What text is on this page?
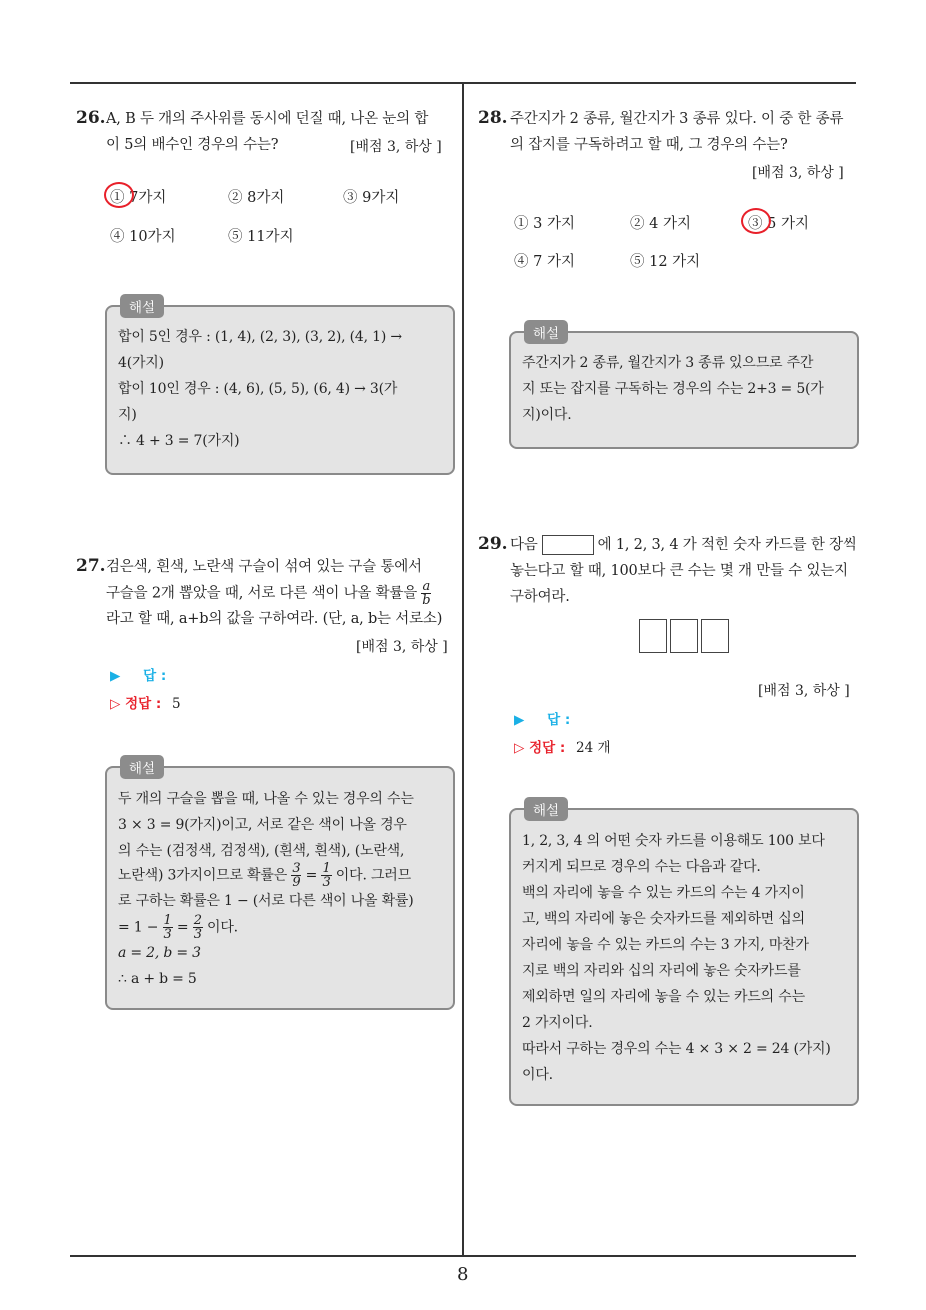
26. A, B 두 개의 주사위를 동시에 던질 때, 나온 눈의 합
이 5의 배수인 경우의 수는?	[배점 3, 하상 ]
① 7가지	② 8가지	③ 9가지
④ 10가지	⑤ 11가지
해설
합이 5인 경우 : (1, 4), (2, 3), (3, 2), (4, 1) →
4(가지)
합이 10인 경우 : (4, 6), (5, 5), (6, 4) → 3(가
지)
∴ 4 + 3 = 7(가지)
27. 검은색, 흰색, 노란색 구슬이 섞여 있는 구슬 통에서
구슬을 2개 뽑았을 때, 서로 다른 색이 나올 확률을 $\frac{a}{b}$
라고 할 때, a+b의 값을 구하여라. (단, a, b는 서로소)
[배점 3, 하상 ]
▶ 답 :
▷ 정답 : 5
해설
두 개의 구슬을 뽑을 때, 나올 수 있는 경우의 수는
3 × 3 = 9(가지)이고, 서로 같은 색이 나올 경우
의 수는 (검정색, 검정색), (흰색, 흰색), (노란색,
노란색) 3가지이므로 확률은 $\frac{3}{9} = \frac{1}{3}$ 이다. 그러므
로 구하는 확률은 1 − (서로 다른 색이 나올 확률)
= $1 - \frac{1}{3} = \frac{2}{3}$ 이다.
a = 2, b = 3
∴ a + b = 5
28. 주간지가 2 종류, 월간지가 3 종류 있다. 이 중 한 종류
의 잡지를 구독하려고 할 때, 그 경우의 수는?
[배점 3, 하상 ]
① 3 가지	② 4 가지	③ 5 가지
④ 7 가지	⑤ 12 가지
해설
주간지가 2 종류, 월간지가 3 종류 있으므로 주간
지 또는 잡지를 구독하는 경우의 수는 2+3 = 5(가
지)이다.
29. 다음	에 1, 2, 3, 4 가 적힌 숫자 카드를 한 장씩
놓는다고 할 때, 100보다 큰 수는 몇 개 만들 수 있는지
구하여라.
[배점 3, 하상 ]
▶ 답 :
▷ 정답 : 24 개
해설
1, 2, 3, 4 의 어떤 숫자 카드를 이용해도 100 보다
커지게 되므로 경우의 수는 다음과 같다.
백의 자리에 놓을 수 있는 카드의 수는 4 가지이
고, 백의 자리에 놓은 숫자카드를 제외하면 십의
자리에 놓을 수 있는 카드의 수는 3 가지, 마찬가
지로 백의 자리와 십의 자리에 놓은 숫자카드를
제외하면 일의 자리에 놓을 수 있는 카드의 수는
2 가지이다.
따라서 구하는 경우의 수는 4 × 3 × 2 = 24 (가지)
이다.
8
